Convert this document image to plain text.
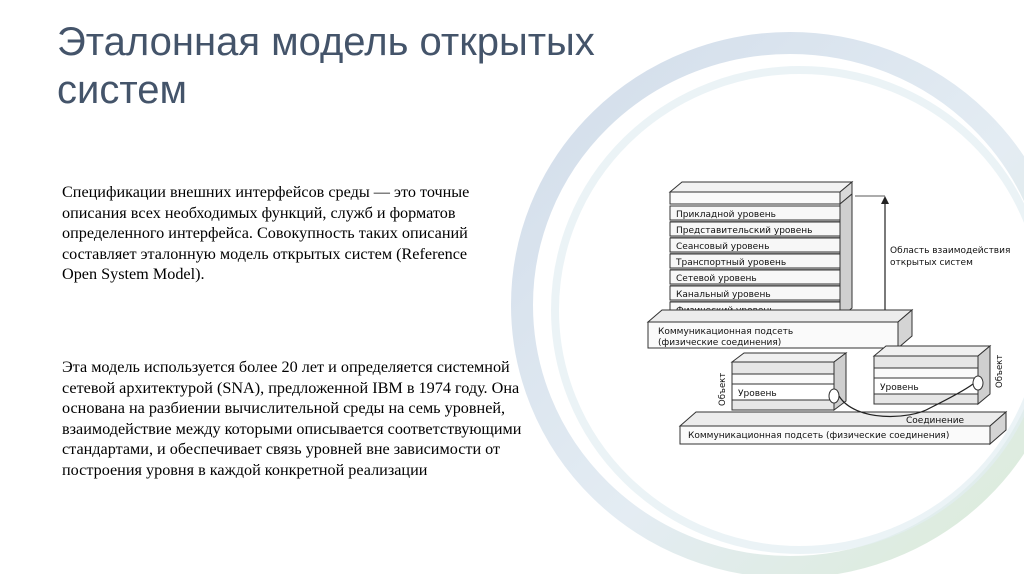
Эталонная модель открытых систем
Спецификации внешних интерфейсов среды — это точные описания всех необходимых функций, служб и форматов определенного интерфейса. Совокупность таких описаний составляет эталонную модель открытых систем (Reference Open System Model).
Эта модель используется более 20 лет и определяется системной сетевой архитектурой (SNA), предложенной IBM в 1974 году. Она основана на разбиении вычислительной среды на семь уровней, взаимодействие между которыми описывается соответствующими стандартами, и обеспечивает связь уровней вне зависимости от построения уровня в каждой конкретной реализации
Прикладной уровень
Представительский уровень
Сеансовый уровень
Транспортный уровень
Сетевой уровень
Канальный уровень
Область взаимодействия
открытых систем
Коммуникационная подсеть
(физические соединения)
Коммуникационная подсеть (физические соединения)
Уровень
Объект	Уровень	Объект
Соединение
